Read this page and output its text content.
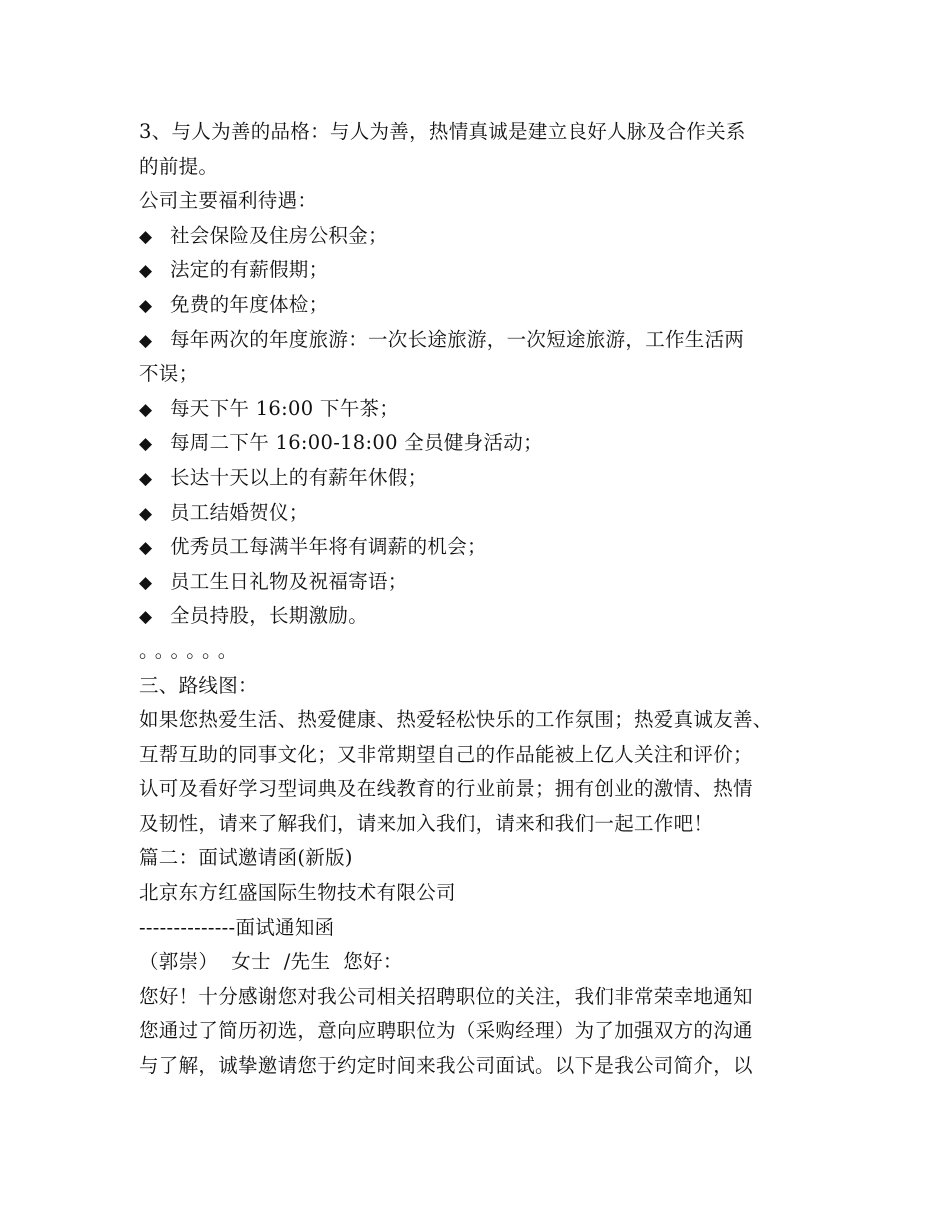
3、与人为善的品格：与人为善，热情真诚是建立良好人脉及合作关系
的前提。
公司主要福利待遇：
◆ 社会保险及住房公积金；
◆ 法定的有薪假期；
◆ 免费的年度体检；
◆ 每年两次的年度旅游：一次长途旅游，一次短途旅游，工作生活两
不误；
◆ 每天下午 16:00 下午茶；
◆ 每周二下午 16:00-18:00 全员健身活动；
◆ 长达十天以上的有薪年休假；
◆ 员工结婚贺仪；
◆ 优秀员工每满半年将有调薪的机会；
◆ 员工生日礼物及祝福寄语；
◆ 全员持股，长期激励。
。。。。。。
三、路线图：
如果您热爱生活、热爱健康、热爱轻松快乐的工作氛围；热爱真诚友善、
互帮互助的同事文化；又非常期望自己的作品能被上亿人关注和评价；
认可及看好学习型词典及在线教育的行业前景；拥有创业的激情、热情
及韧性，请来了解我们，请来加入我们，请来和我们一起工作吧！
篇二：面试邀请函(新版)
北京东方红盛国际生物技术有限公司
--------------面试通知函
（郭崇）  女士  /先生  您好：
您好！十分感谢您对我公司相关招聘职位的关注，我们非常荣幸地通知
您通过了简历初选，意向应聘职位为（采购经理）为了加强双方的沟通
与了解，诚挚邀请您于约定时间来我公司面试。以下是我公司简介，以
